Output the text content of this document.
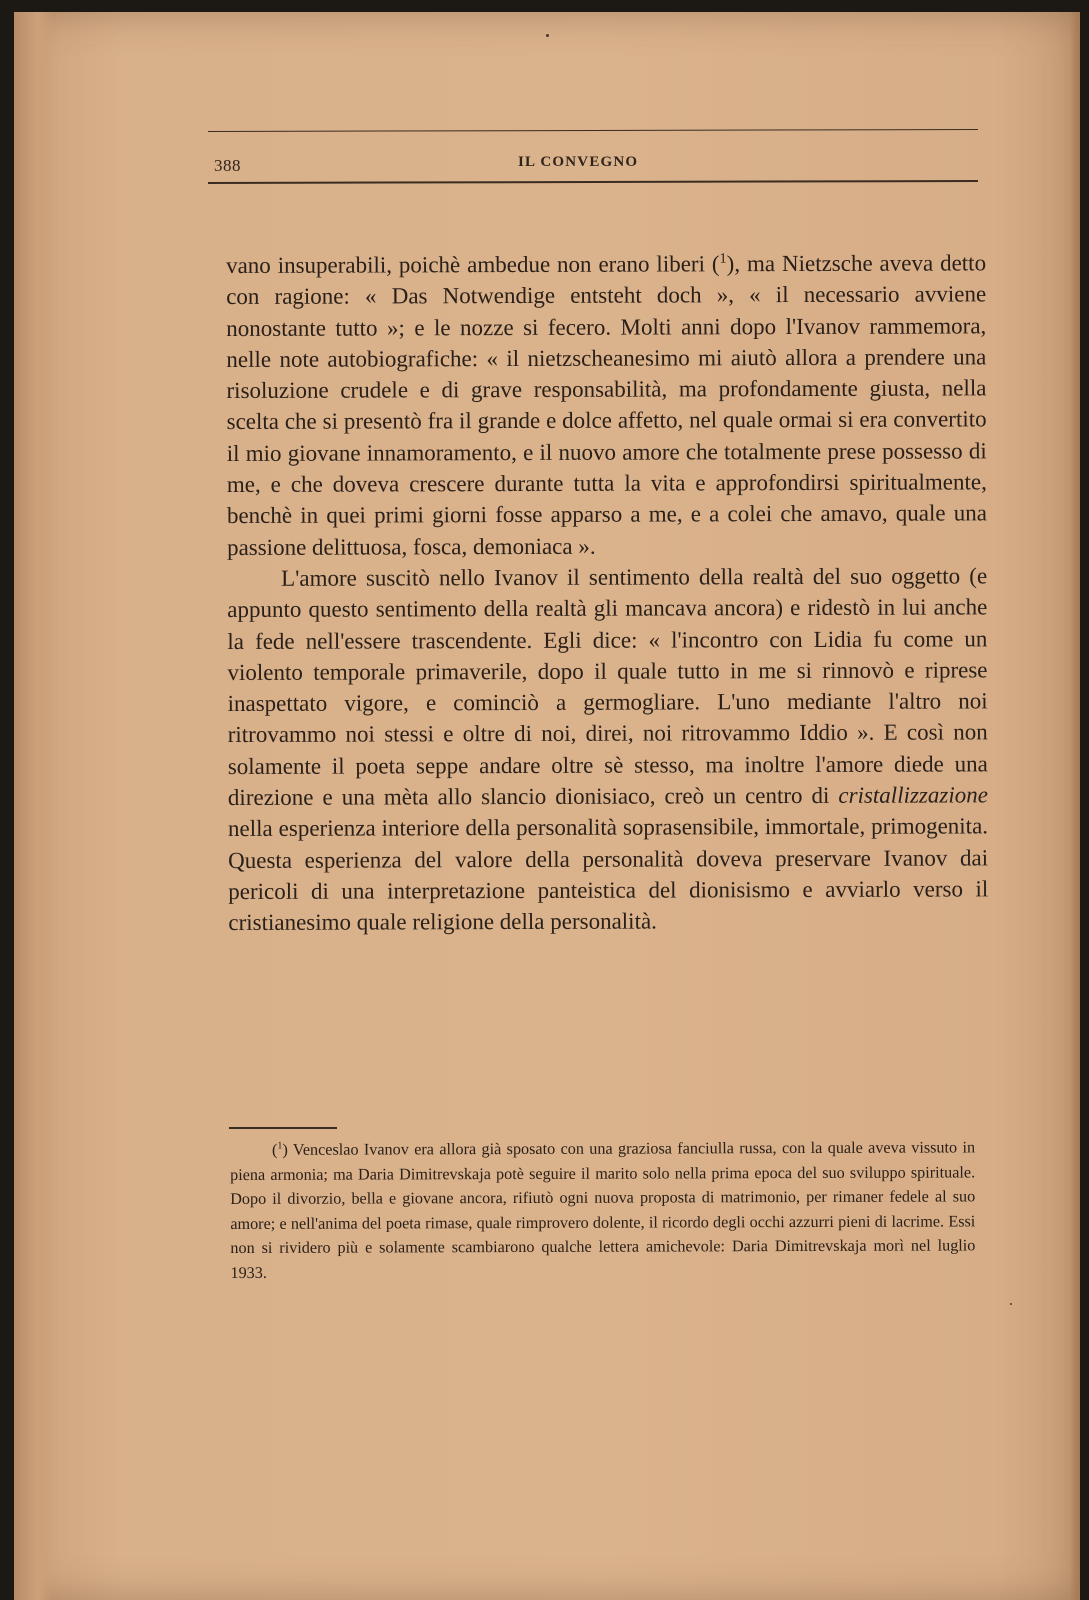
388	IL CONVEGNO

vano insuperabili, poichè ambedue non erano liberi ($^1$), ma Nietzsche aveva detto con ragione: « Das Notwendige entsteht doch », « il necessario avviene nonostante tutto »; e le nozze si fecero. Molti anni dopo l'Ivanov rammemora, nelle note autobiografiche: « il nietzscheanesimo mi aiutò allora a prendere una risoluzione crudele e di grave responsabilità, ma profondamente giusta, nella scelta che si presentò fra il grande e dolce affetto, nel quale ormai si era convertito il mio giovane innamoramento, e il nuovo amore che totalmente prese possesso di me, e che doveva crescere durante tutta la vita e approfondirsi spiritualmente, benchè in quei primi giorni fosse apparso a me, e a colei che amavo, quale una passione delittuosa, fosca, demoniaca ».

L'amore suscitò nello Ivanov il sentimento della realtà del suo oggetto (e appunto questo sentimento della realtà gli mancava ancora) e ridestò in lui anche la fede nell'essere trascendente. Egli dice: « l'incontro con Lidia fu come un violento temporale primaverile, dopo il quale tutto in me si rinnovò e riprese inaspettato vigore, e cominciò a germogliare. L'uno mediante l'altro noi ritrovammo noi stessi e oltre di noi, direi, noi ritrovammo Iddio ». E così non solamente il poeta seppe andare oltre sè stesso, ma inoltre l'amore diede una direzione e una mèta allo slancio dionisiaco, creò un centro di cristallizzazione nella esperienza interiore della personalità soprasensibile, immortale, primogenita. Questa esperienza del valore della personalità doveva preservare Ivanov dai pericoli di una interpretazione panteistica del dionisismo e avviarlo verso il cristianesimo quale religione della personalità.

($^1$) Venceslao Ivanov era allora già sposato con una graziosa fanciulla russa, con la quale aveva vissuto in piena armonia; ma Daria Dimitrevskaja potè seguire il marito solo nella prima epoca del suo sviluppo spirituale. Dopo il divorzio, bella e giovane ancora, rifiutò ogni nuova proposta di matrimonio, per rimaner fedele al suo amore; e nell'anima del poeta rimase, quale rimprovero dolente, il ricordo degli occhi azzurri pieni di lacrime. Essi non si rividero più e solamente scambiarono qualche lettera amichevole: Daria Dimitrevskaja morì nel luglio 1933.
